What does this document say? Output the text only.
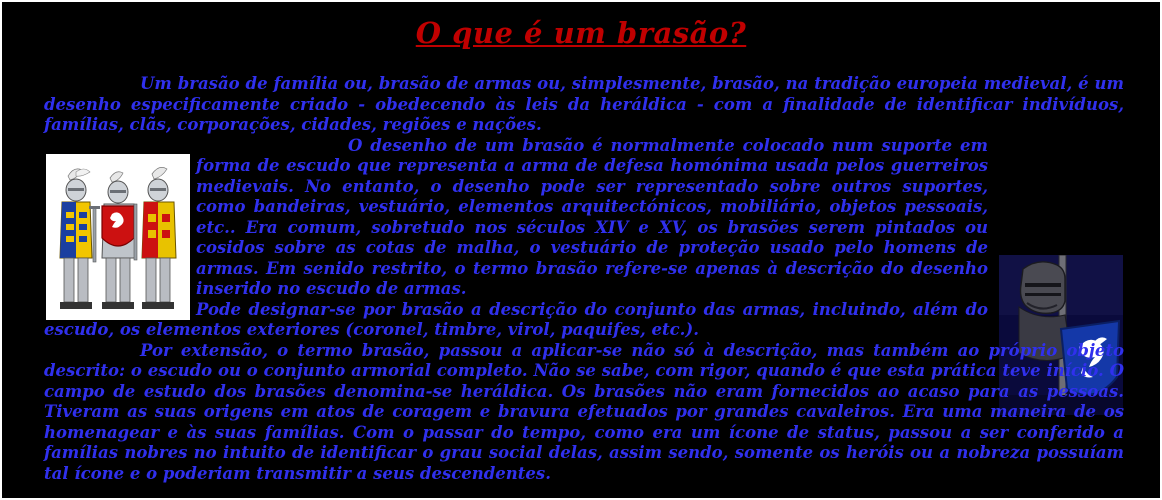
O que é um brasão?

Um brasão de família ou, brasão de armas ou, simplesmente, brasão, na tradição europeia medieval, é um desenho especificamente criado - obedecendo às leis da heráldica - com a finalidade de identificar indivíduos, famílias, clãs, corporações, cidades, regiões e nações.

O desenho de um brasão é normalmente colocado num suporte em forma de escudo que representa a arma de defesa homónima usada pelos guerreiros medievais. No entanto, o desenho pode ser representado sobre outros suportes, como bandeiras, vestuário, elementos arquitectónicos, mobiliário, objetos pessoais, etc.. Era comum, sobretudo nos séculos XIV e XV, os brasões serem pintados ou cosidos sobre as cotas de malha, o vestuário de proteção usado pelo homens de armas. Em senido restrito, o termo brasão refere-se apenas à descrição do desenho inserido no escudo de armas.

Pode designar-se por brasão a descrição do conjunto das armas, incluindo, além do escudo, os elementos exteriores (coronel, timbre, virol, paquifes, etc.).

Por extensão, o termo brasão, passou a aplicar-se não só à descrição, mas também ao próprio objeto descrito: o escudo ou o conjunto armorial completo. Não se sabe, com rigor, quando é que esta prática teve início. O campo de estudo dos brasões denomina-se heráldica. Os brasões não eram fornecidos ao acaso para as pessoas. Tiveram as suas origens em atos de coragem e bravura efetuados por grandes cavaleiros. Era uma maneira de os homenagear e às suas famílias. Com o passar do tempo, como era um ícone de status, passou a ser conferido a famílias nobres no intuito de identificar o grau social delas, assim sendo, somente os heróis ou a nobreza possuíam tal ícone e o poderiam transmitir a seus descendentes.
